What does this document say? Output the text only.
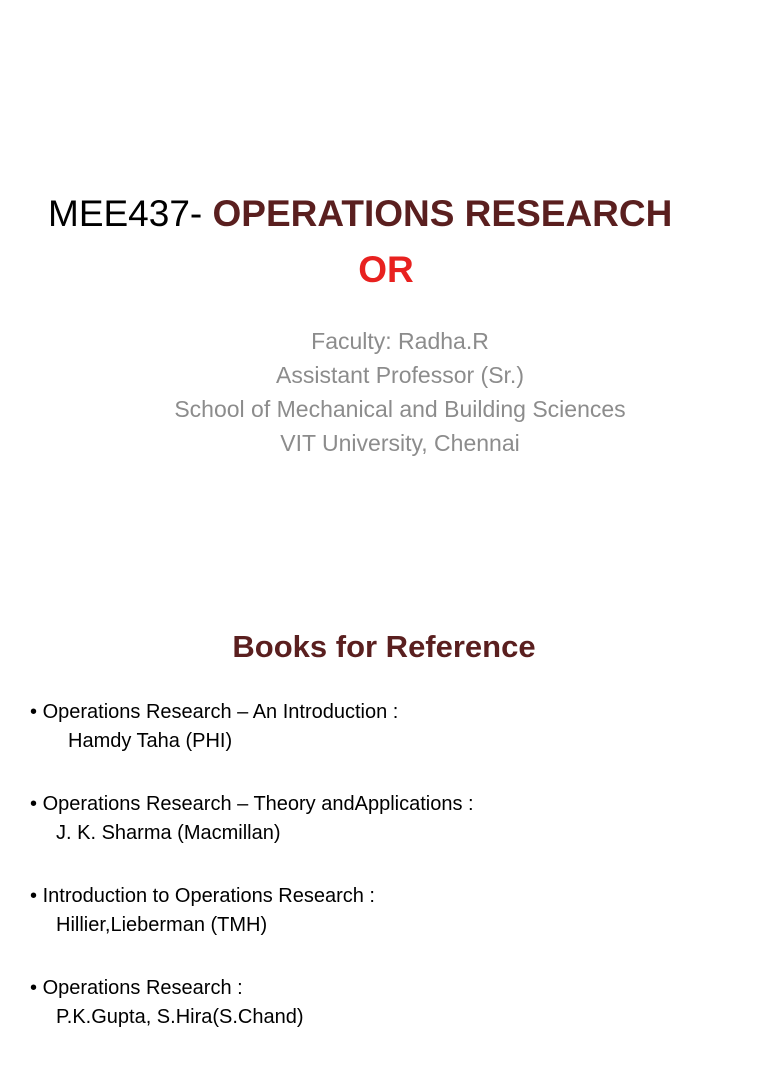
MEE437- OPERATIONS RESEARCH
OR
Faculty: Radha.R
Assistant Professor (Sr.)
School of Mechanical and Building Sciences
VIT University, Chennai
Books for Reference
• Operations Research – An Introduction :
Hamdy Taha (PHI)
• Operations Research – Theory andApplications :
J. K. Sharma (Macmillan)
• Introduction to Operations Research :
Hillier,Lieberman (TMH)
• Operations Research :
P.K.Gupta, S.Hira(S.Chand)
